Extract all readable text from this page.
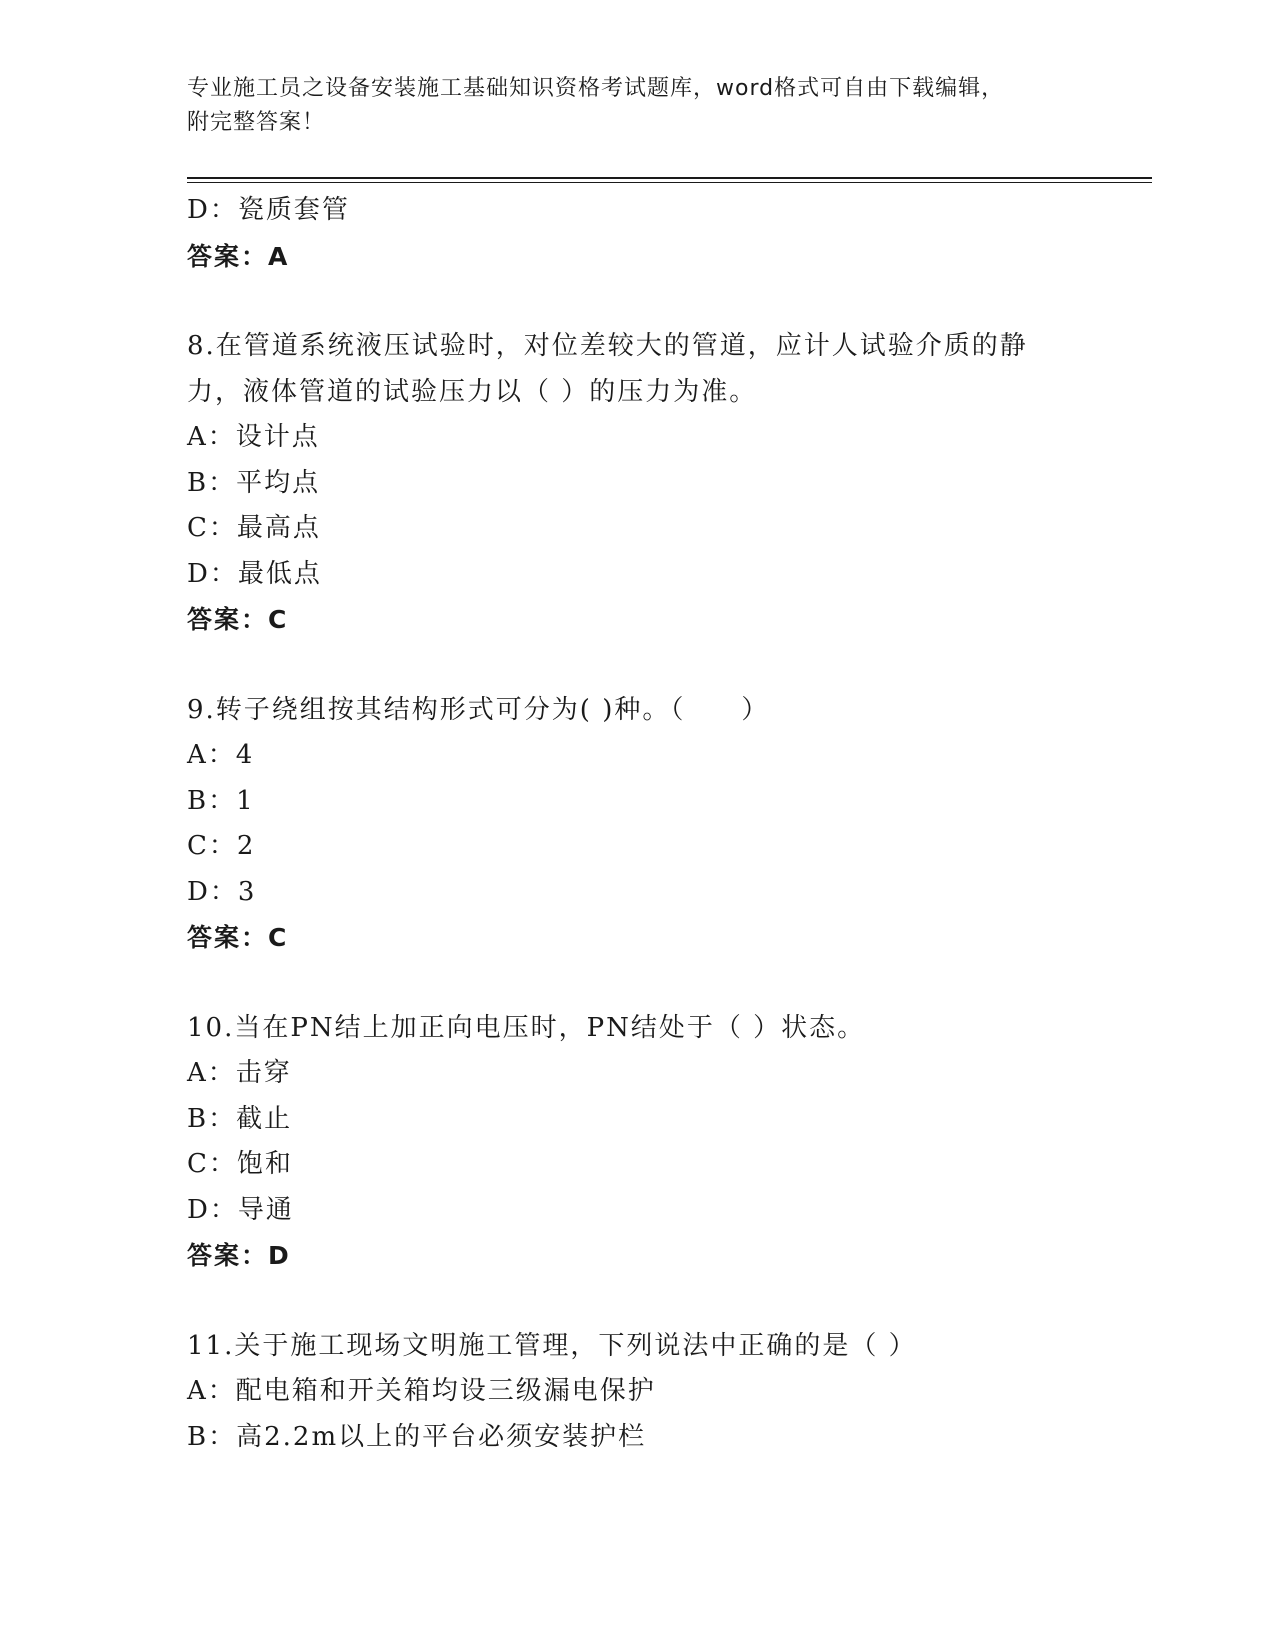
专业施工员之设备安装施工基础知识资格考试题库，word格式可自由下载编辑，
附完整答案！
D：瓷质套管
答案：A
8.在管道系统液压试验时，对位差较大的管道，应计人试验介质的静
力，液体管道的试验压力以（ ）的压力为准。
A：设计点
B：平均点
C：最高点
D：最低点
答案：C
9.转子绕组按其结构形式可分为( )种。（　　）
A：4
B：1
C：2
D：3
答案：C
10.当在PN结上加正向电压时，PN结处于（ ）状态。
A：击穿
B：截止
C：饱和
D：导通
答案：D
11.关于施工现场文明施工管理，下列说法中正确的是（ ）
A：配电箱和开关箱均设三级漏电保护
B：高2.2m以上的平台必须安装护栏
